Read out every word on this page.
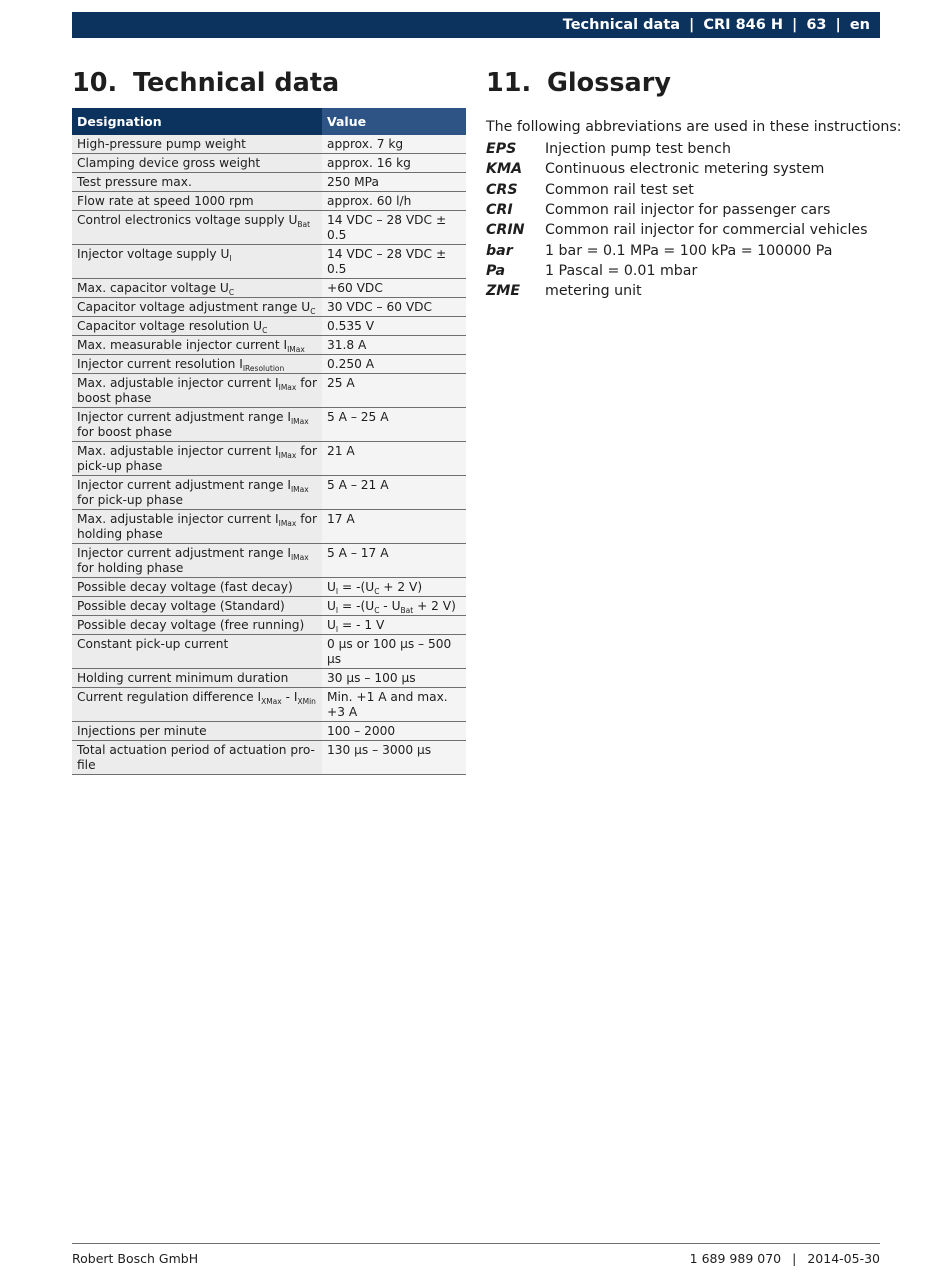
Technical data | CRI 846 H | 63 | en
10. Technical data
Designation	Value
High-pressure pump weight	approx. 7 kg
Clamping device gross weight	approx. 16 kg
Test pressure max.	250 MPa
Flow rate at speed 1000 rpm	approx. 60 l/h
Control electronics voltage supply $U_{Bat}$	14 VDC – 28 VDC ± 0.5
Injector voltage supply $U_I$	14 VDC – 28 VDC ± 0.5
Max. capacitor voltage $U_C$	+60 VDC
Capacitor voltage adjustment range $U_C$	30 VDC – 60 VDC
Capacitor voltage resolution $U_C$	0.535 V
Max. measurable injector current $I_{IMax}$	31.8 A
Injector current resolution $I_{IResolution}$	0.250 A
Max. adjustable injector current $I_{IMax}$ for boost phase	25 A
Injector current adjustment range $I_{IMax}$ for boost phase	5 A – 25 A
Max. adjustable injector current $I_{IMax}$ for pick-up phase	21 A
Injector current adjustment range $I_{IMax}$ for pick-up phase	5 A – 21 A
Max. adjustable injector current $I_{IMax}$ for holding phase	17 A
Injector current adjustment range $I_{IMax}$ for holding phase	5 A – 17 A
Possible decay voltage (fast decay)	$U_I = -(U_C + 2$ V)
Possible decay voltage (Standard)	$U_I = -(U_C - U_{Bat} + 2$ V)
Possible decay voltage (free running)	$U_I$ = - 1 V
Constant pick-up current	0 µs or 100 µs – 500 µs
Holding current minimum duration	30 µs – 100 µs
Current regulation difference $I_{XMax} - I_{XMin}$	Min. +1 A and max. +3 A
Injections per minute	100 – 2000
Total actuation period of actuation pro-file	130 µs – 3000 µs
11. Glossary
The following abbreviations are used in these instructions:
EPS	Injection pump test bench
KMA	Continuous electronic metering system
CRS	Common rail test set
CRI	Common rail injector for passenger cars
CRIN	Common rail injector for commercial vehicles
bar	1 bar = 0.1 MPa = 100 kPa = 100000 Pa
Pa	1 Pascal = 0.01 mbar
ZME	metering unit
Robert Bosch GmbH	1 689 989 070 | 2014-05-30
